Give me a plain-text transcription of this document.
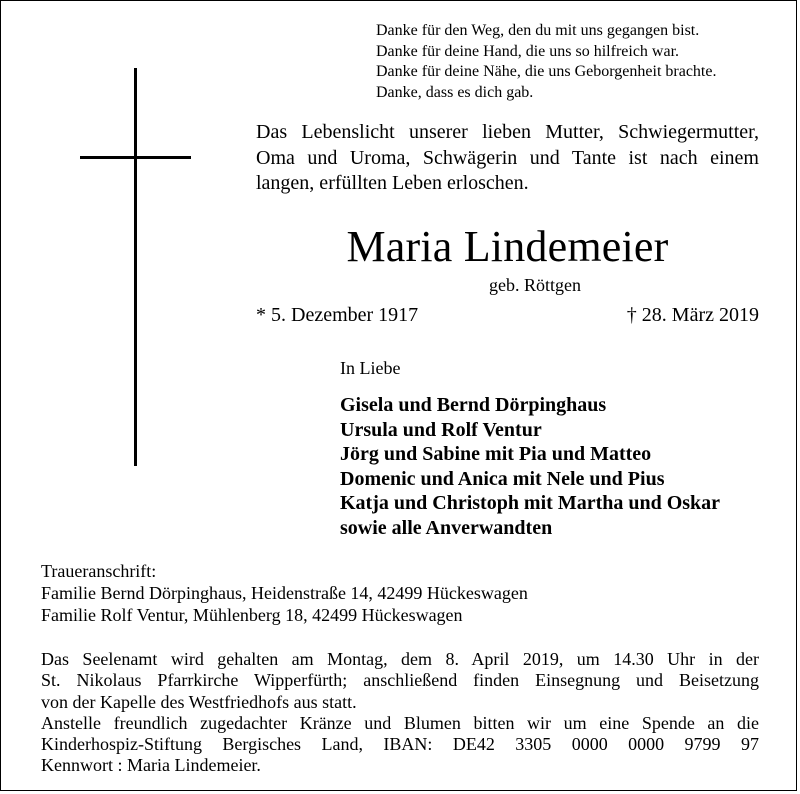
Danke für den Weg, den du mit uns gegangen bist.
Danke für deine Hand, die uns so hilfreich war.
Danke für deine Nähe, die uns Geborgenheit brachte.
Danke, dass es dich gab.
Das Lebenslicht unserer lieben Mutter, Schwiegermutter,
Oma und Uroma, Schwägerin und Tante ist nach einem
langen, erfüllten Leben erloschen.
Maria Lindemeier
geb. Röttgen
* 5. Dezember 1917	† 28. März 2019
In Liebe
Gisela und Bernd Dörpinghaus
Ursula und Rolf Ventur
Jörg und Sabine mit Pia und Matteo
Domenic und Anica mit Nele und Pius
Katja und Christoph mit Martha und Oskar
sowie alle Anverwandten
Traueranschrift:
Familie Bernd Dörpinghaus, Heidenstraße 14, 42499 Hückeswagen
Familie Rolf Ventur, Mühlenberg 18, 42499 Hückeswagen
Das Seelenamt wird gehalten am Montag, dem 8. April 2019, um 14.30 Uhr in der
St. Nikolaus Pfarrkirche Wipperfürth; anschließend finden Einsegnung und Beisetzung
von der Kapelle des Westfriedhofs aus statt.
Anstelle freundlich zugedachter Kränze und Blumen bitten wir um eine Spende an die
Kinderhospiz-Stiftung Bergisches Land, IBAN: DE42 3305 0000 0000 9799 97
Kennwort : Maria Lindemeier.
